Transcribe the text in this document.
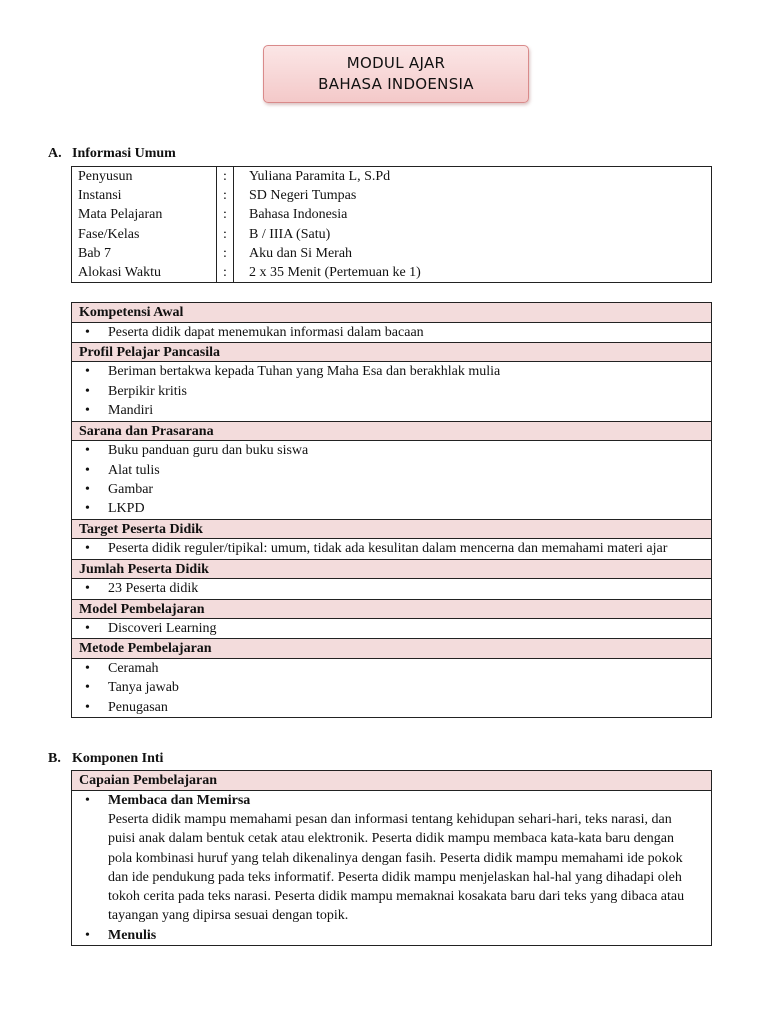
MODUL AJAR
BAHASA INDOENSIA
A. Informasi Umum
Penyusun	:	Yuliana Paramita L, S.Pd
Instansi	:	SD Negeri Tumpas
Mata Pelajaran	:	Bahasa Indonesia
Fase/Kelas	:	B / IIIA (Satu)
Bab 7	:	Aku dan Si Merah
Alokasi Waktu	:	2 x 35 Menit (Pertemuan ke 1)
Kompetensi Awal
• Peserta didik dapat menemukan informasi dalam bacaan
Profil Pelajar Pancasila
• Beriman bertakwa kepada Tuhan yang Maha Esa dan berakhlak mulia
• Berpikir kritis
• Mandiri
Sarana dan Prasarana
• Buku panduan guru dan buku siswa
• Alat tulis
• Gambar
• LKPD
Target Peserta Didik
• Peserta didik reguler/tipikal: umum, tidak ada kesulitan dalam mencerna dan memahami materi ajar
Jumlah Peserta Didik
• 23 Peserta didik
Model Pembelajaran
• Discoveri Learning
Metode Pembelajaran
• Ceramah
• Tanya jawab
• Penugasan
B. Komponen Inti
Capaian Pembelajaran
• Membaca dan Memirsa
Peserta didik mampu memahami pesan dan informasi tentang kehidupan sehari-hari, teks narasi, dan puisi anak dalam bentuk cetak atau elektronik. Peserta didik mampu membaca kata-kata baru dengan pola kombinasi huruf yang telah dikenalinya dengan fasih. Peserta didik mampu memahami ide pokok dan ide pendukung pada teks informatif. Peserta didik mampu menjelaskan hal-hal yang dihadapi oleh tokoh cerita pada teks narasi. Peserta didik mampu memaknai kosakata baru dari teks yang dibaca atau tayangan yang dipirsa sesuai dengan topik.
• Menulis
